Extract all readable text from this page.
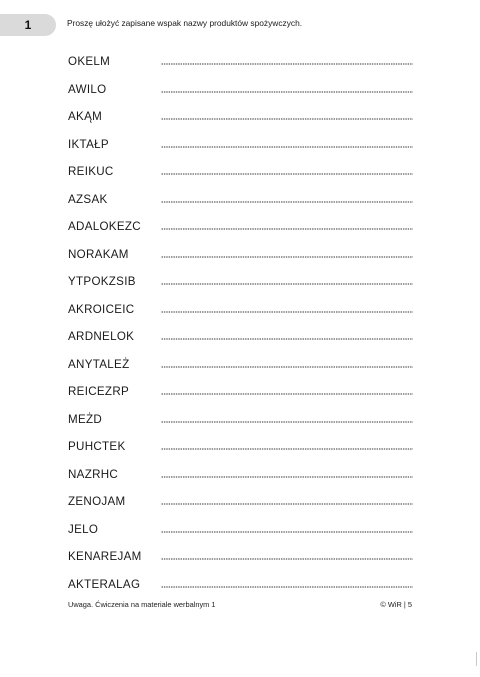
1	Proszę ułożyć zapisane wspak nazwy produktów spożywczych.
OKELM
AWILO
AKĄM
IKTAŁP
REIKUC
AZSAK
ADALOKEZC
NORAKAM
YTPOKZSIB
AKROICEIC
ARDNELOK
ANYTALEŻ
REICEZRP
MEŻD
PUHCTEK
NAZRHC
ZENOJAM
JELO
KENAREJAM
AKTERALAG
Uwaga. Ćwiczenia na materiale werbalnym 1	© WiR | 5
